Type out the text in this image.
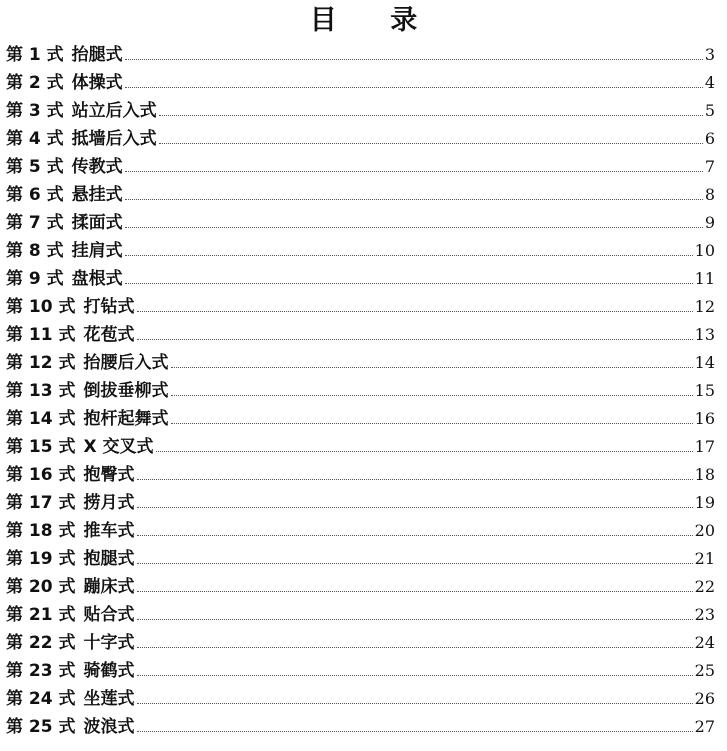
目 录
第 1 式 抬腿式	3
第 2 式 体操式	4
第 3 式 站立后入式	5
第 4 式 抵墙后入式	6
第 5 式 传教式	7
第 6 式 悬挂式	8
第 7 式 揉面式	9
第 8 式 挂肩式	10
第 9 式 盘根式	11
第 10 式 打钻式	12
第 11 式 花苞式	13
第 12 式 抬腰后入式	14
第 13 式 倒拔垂柳式	15
第 14 式 抱杆起舞式	16
第 15 式 X 交叉式	17
第 16 式 抱臀式	18
第 17 式 捞月式	19
第 18 式 推车式	20
第 19 式 抱腿式	21
第 20 式 蹦床式	22
第 21 式 贴合式	23
第 22 式 十字式	24
第 23 式 骑鹤式	25
第 24 式 坐莲式	26
第 25 式 波浪式	27
